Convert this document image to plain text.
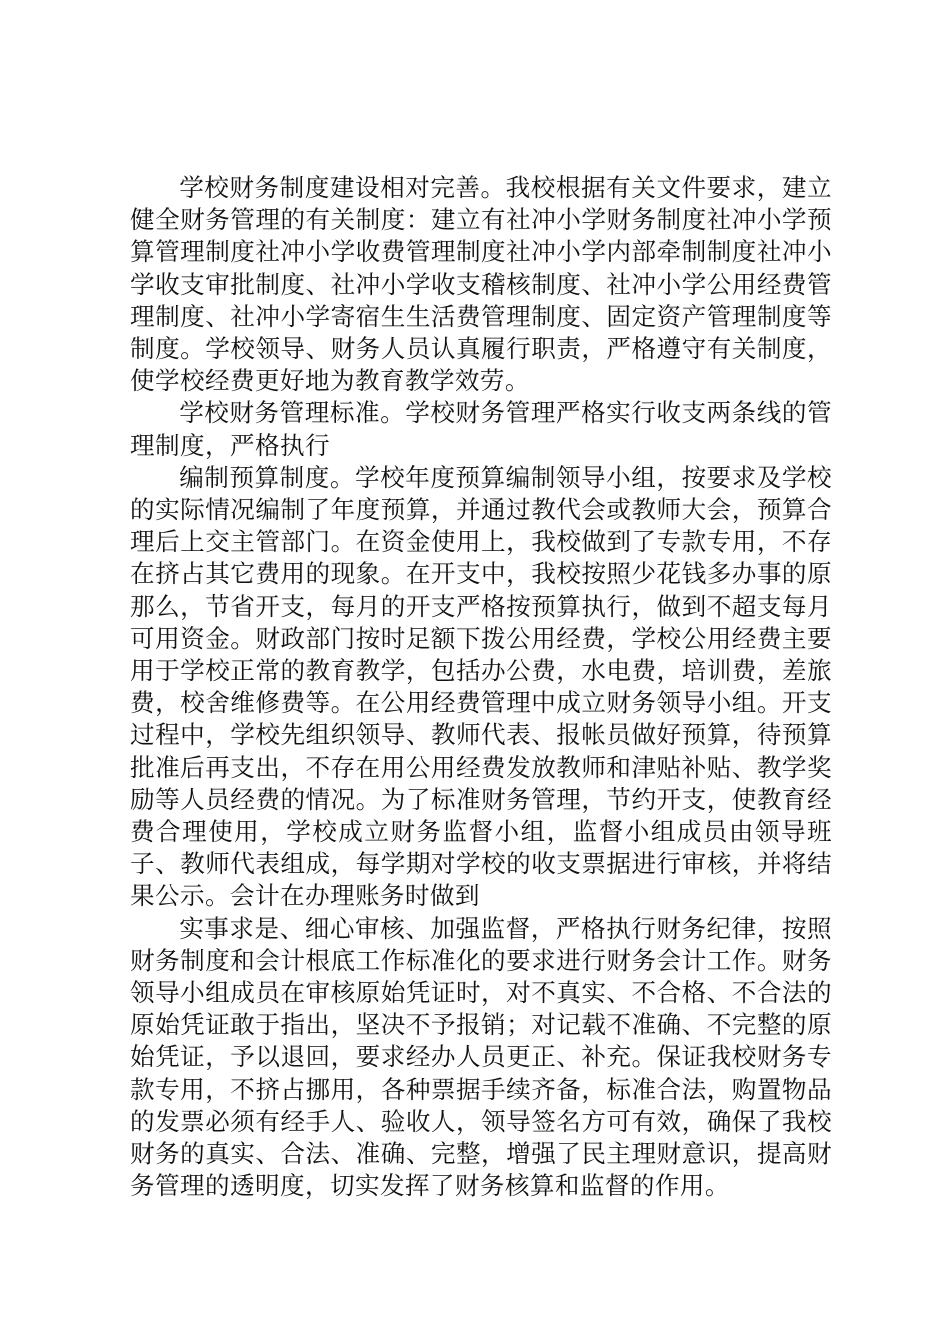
学校财务制度建设相对完善。我校根据有关文件要求，建立健全财务管理的有关制度：建立有社冲小学财务制度社冲小学预算管理制度社冲小学收费管理制度社冲小学内部牵制制度社冲小学收支审批制度、社冲小学收支稽核制度、社冲小学公用经费管理制度、社冲小学寄宿生生活费管理制度、固定资产管理制度等制度。学校领导、财务人员认真履行职责，严格遵守有关制度，使学校经费更好地为教育教学效劳。

学校财务管理标准。学校财务管理严格实行收支两条线的管理制度，严格执行

编制预算制度。学校年度预算编制领导小组，按要求及学校的实际情况编制了年度预算，并通过教代会或教师大会，预算合理后上交主管部门。在资金使用上，我校做到了专款专用，不存在挤占其它费用的现象。在开支中，我校按照少花钱多办事的原那么，节省开支，每月的开支严格按预算执行，做到不超支每月可用资金。财政部门按时足额下拨公用经费，学校公用经费主要用于学校正常的教育教学，包括办公费，水电费，培训费，差旅费，校舍维修费等。在公用经费管理中成立财务领导小组。开支过程中，学校先组织领导、教师代表、报帐员做好预算，待预算批准后再支出，不存在用公用经费发放教师和津贴补贴、教学奖励等人员经费的情况。为了标准财务管理，节约开支，使教育经费合理使用，学校成立财务监督小组，监督小组成员由领导班子、教师代表组成，每学期对学校的收支票据进行审核，并将结果公示。会计在办理账务时做到

实事求是、细心审核、加强监督，严格执行财务纪律，按照财务制度和会计根底工作标准化的要求进行财务会计工作。财务领导小组成员在审核原始凭证时，对不真实、不合格、不合法的原始凭证敢于指出，坚决不予报销；对记载不准确、不完整的原始凭证，予以退回，要求经办人员更正、补充。保证我校财务专款专用，不挤占挪用，各种票据手续齐备，标准合法，购置物品的发票必须有经手人、验收人，领导签名方可有效，确保了我校财务的真实、合法、准确、完整，增强了民主理财意识，提高财务管理的透明度，切实发挥了财务核算和监督的作用。
